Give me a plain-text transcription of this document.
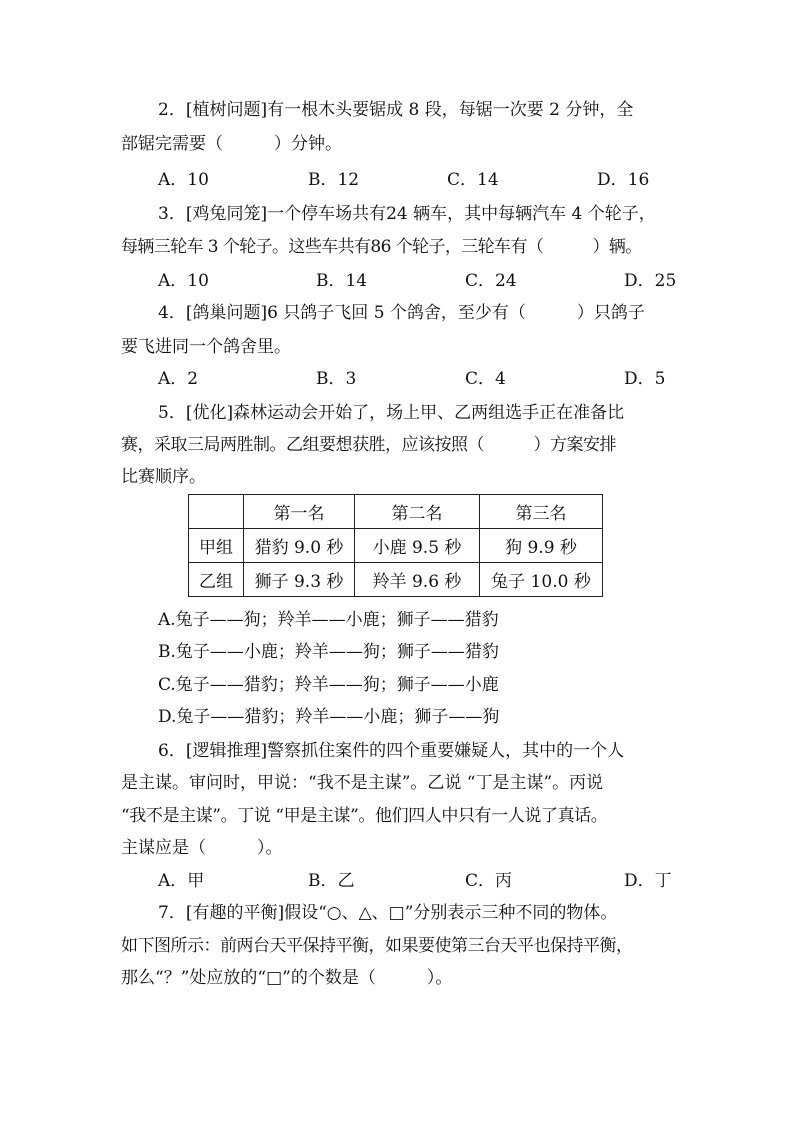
2．[植树问题]有一根木头要锯成 8 段，每锯一次要 2 分钟，全
部锯完需要（　　　）分钟。
A．10	B．12	C．14	D．16
3．[鸡兔同笼]一个停车场共有24 辆车，其中每辆汽车 4 个轮子，
每辆三轮车 3 个轮子。这些车共有86 个轮子，三轮车有（　　　）辆。
A．10	B．14	C．24	D．25
4．[鸽巢问题]6 只鸽子飞回 5 个鸽舍，至少有（　　　）只鸽子
要飞进同一个鸽舍里。
A．2	B．3	C．4	D．5
5．[优化]森林运动会开始了，场上甲、乙两组选手正在准备比
赛，采取三局两胜制。乙组要想获胜，应该按照（　　　）方案安排
比赛顺序。
	第一名	第二名	第三名
甲组	猎豹 9.0 秒	小鹿 9.5 秒	狗 9.9 秒
乙组	狮子 9.3 秒	羚羊 9.6 秒	兔子 10.0 秒
A.兔子——狗；羚羊——小鹿；狮子——猎豹
B.兔子——小鹿；羚羊——狗；狮子——猎豹
C.兔子——猎豹；羚羊——狗；狮子——小鹿
D.兔子——猎豹；羚羊——小鹿；狮子——狗
6．[逻辑推理]警察抓住案件的四个重要嫌疑人，其中的一个人
是主谋。审问时，甲说：“我不是主谋”。乙说 “丁是主谋”。丙说
“我不是主谋”。丁说 “甲是主谋”。他们四人中只有一人说了真话。
主谋应是（　　　）。
A．甲	B．乙	C．丙	D．丁
7．[有趣的平衡]假设“○、△、□”分别表示三种不同的物体。
如下图所示：前两台天平保持平衡，如果要使第三台天平也保持平衡，
那么“？”处应放的“□”的个数是（　　　）。
